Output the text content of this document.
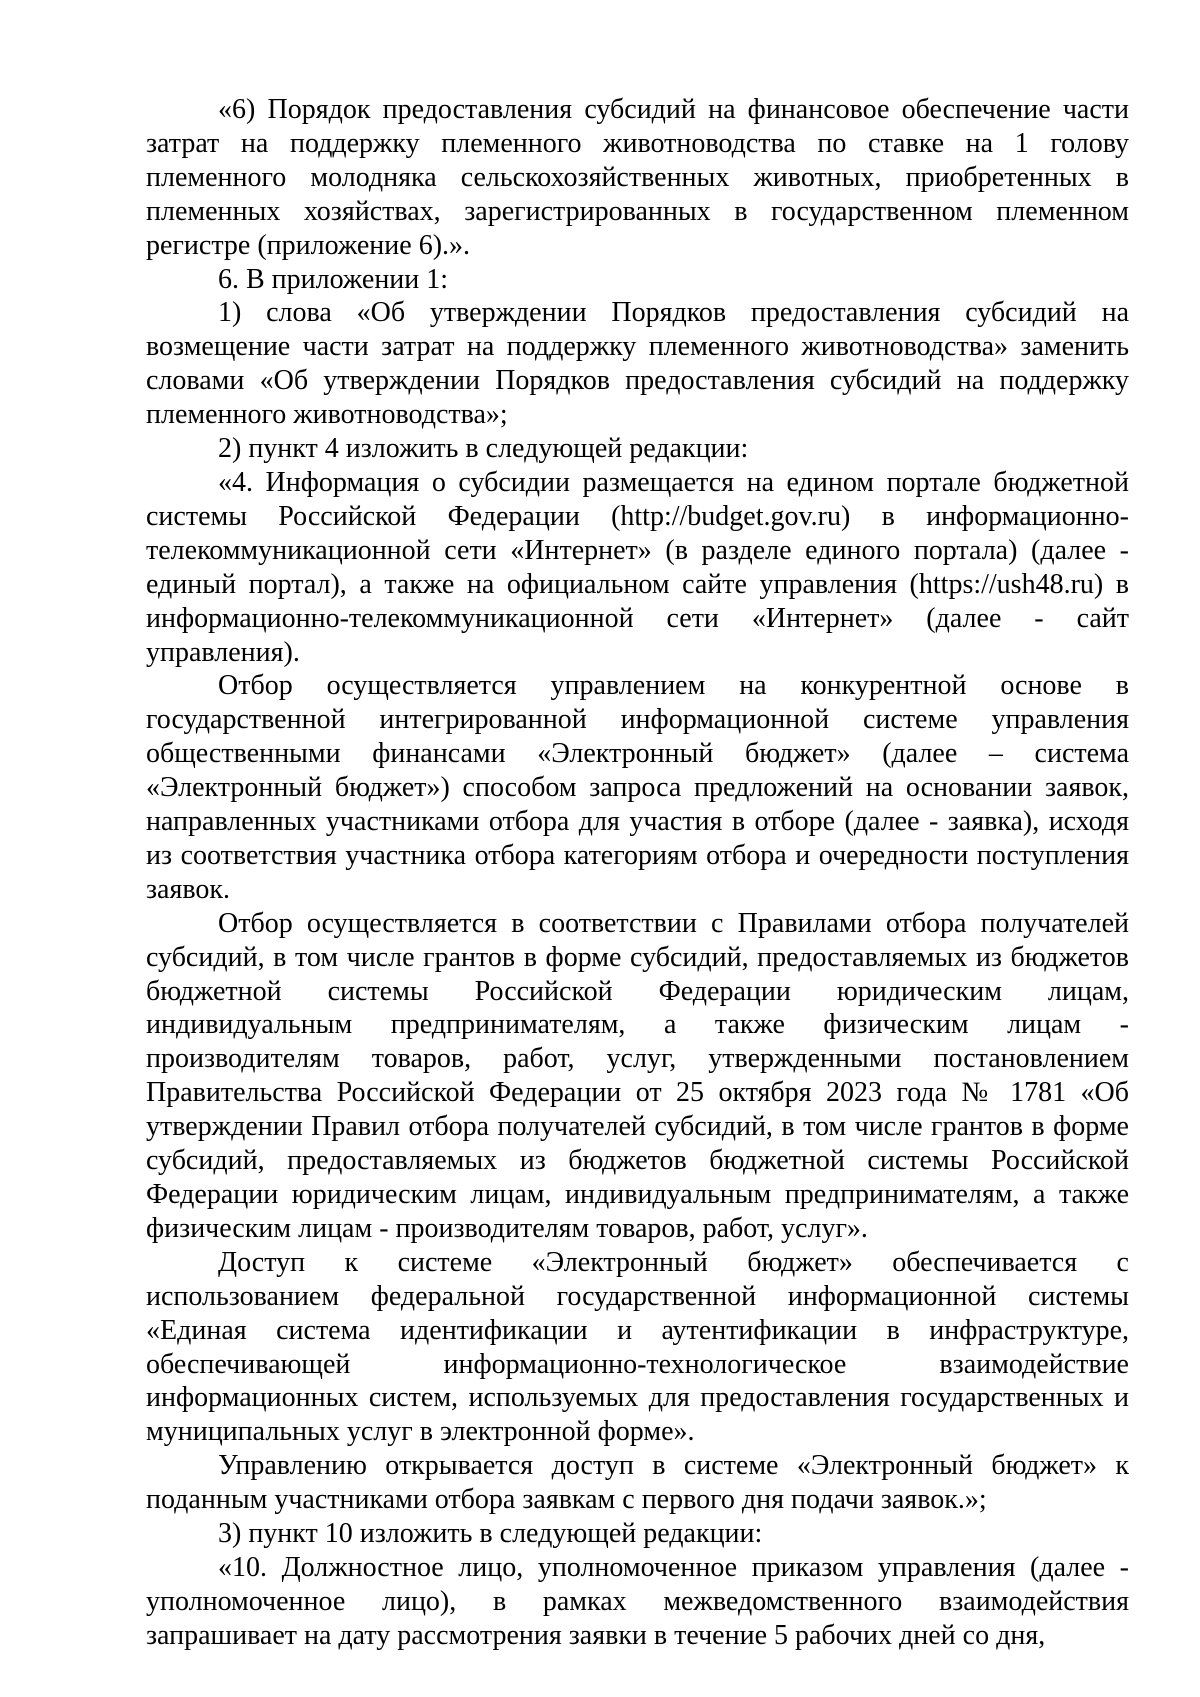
«6) Порядок предоставления субсидий на финансовое обеспечение части затрат на поддержку племенного животноводства по ставке на 1 голову племенного молодняка сельскохозяйственных животных, приобретенных в племенных хозяйствах, зарегистрированных в государственном племенном регистре (приложение 6).».

6. В приложении 1:

1) слова «Об утверждении Порядков предоставления субсидий на возмещение части затрат на поддержку племенного животноводства» заменить словами «Об утверждении Порядков предоставления субсидий на поддержку племенного животноводства»;

2) пункт 4 изложить в следующей редакции:

«4. Информация о субсидии размещается на едином портале бюджетной системы Российской Федерации (http://budget.gov.ru) в информационно-телекоммуникационной сети «Интернет» (в разделе единого портала) (далее - единый портал), а также на официальном сайте управления (https://ush48.ru) в информационно-телекоммуникационной сети «Интернет» (далее - сайт управления).

Отбор осуществляется управлением на конкурентной основе в государственной интегрированной информационной системе управления общественными финансами «Электронный бюджет» (далее – система «Электронный бюджет») способом запроса предложений на основании заявок, направленных участниками отбора для участия в отборе (далее - заявка), исходя из соответствия участника отбора категориям отбора и очередности поступления заявок.

Отбор осуществляется в соответствии с Правилами отбора получателей субсидий, в том числе грантов в форме субсидий, предоставляемых из бюджетов бюджетной системы Российской Федерации юридическим лицам, индивидуальным предпринимателям, а также физическим лицам - производителям товаров, работ, услуг, утвержденными постановлением Правительства Российской Федерации от 25 октября 2023 года № 1781 «Об утверждении Правил отбора получателей субсидий, в том числе грантов в форме субсидий, предоставляемых из бюджетов бюджетной системы Российской Федерации юридическим лицам, индивидуальным предпринимателям, а также физическим лицам - производителям товаров, работ, услуг».

Доступ к системе «Электронный бюджет» обеспечивается с использованием федеральной государственной информационной системы «Единая система идентификации и аутентификации в инфраструктуре, обеспечивающей информационно-технологическое взаимодействие информационных систем, используемых для предоставления государственных и муниципальных услуг в электронной форме».

Управлению открывается доступ в системе «Электронный бюджет» к поданным участниками отбора заявкам с первого дня подачи заявок.»;

3) пункт 10 изложить в следующей редакции:

«10. Должностное лицо, уполномоченное приказом управления (далее - уполномоченное лицо), в рамках межведомственного взаимодействия запрашивает на дату рассмотрения заявки в течение 5 рабочих дней со дня,
